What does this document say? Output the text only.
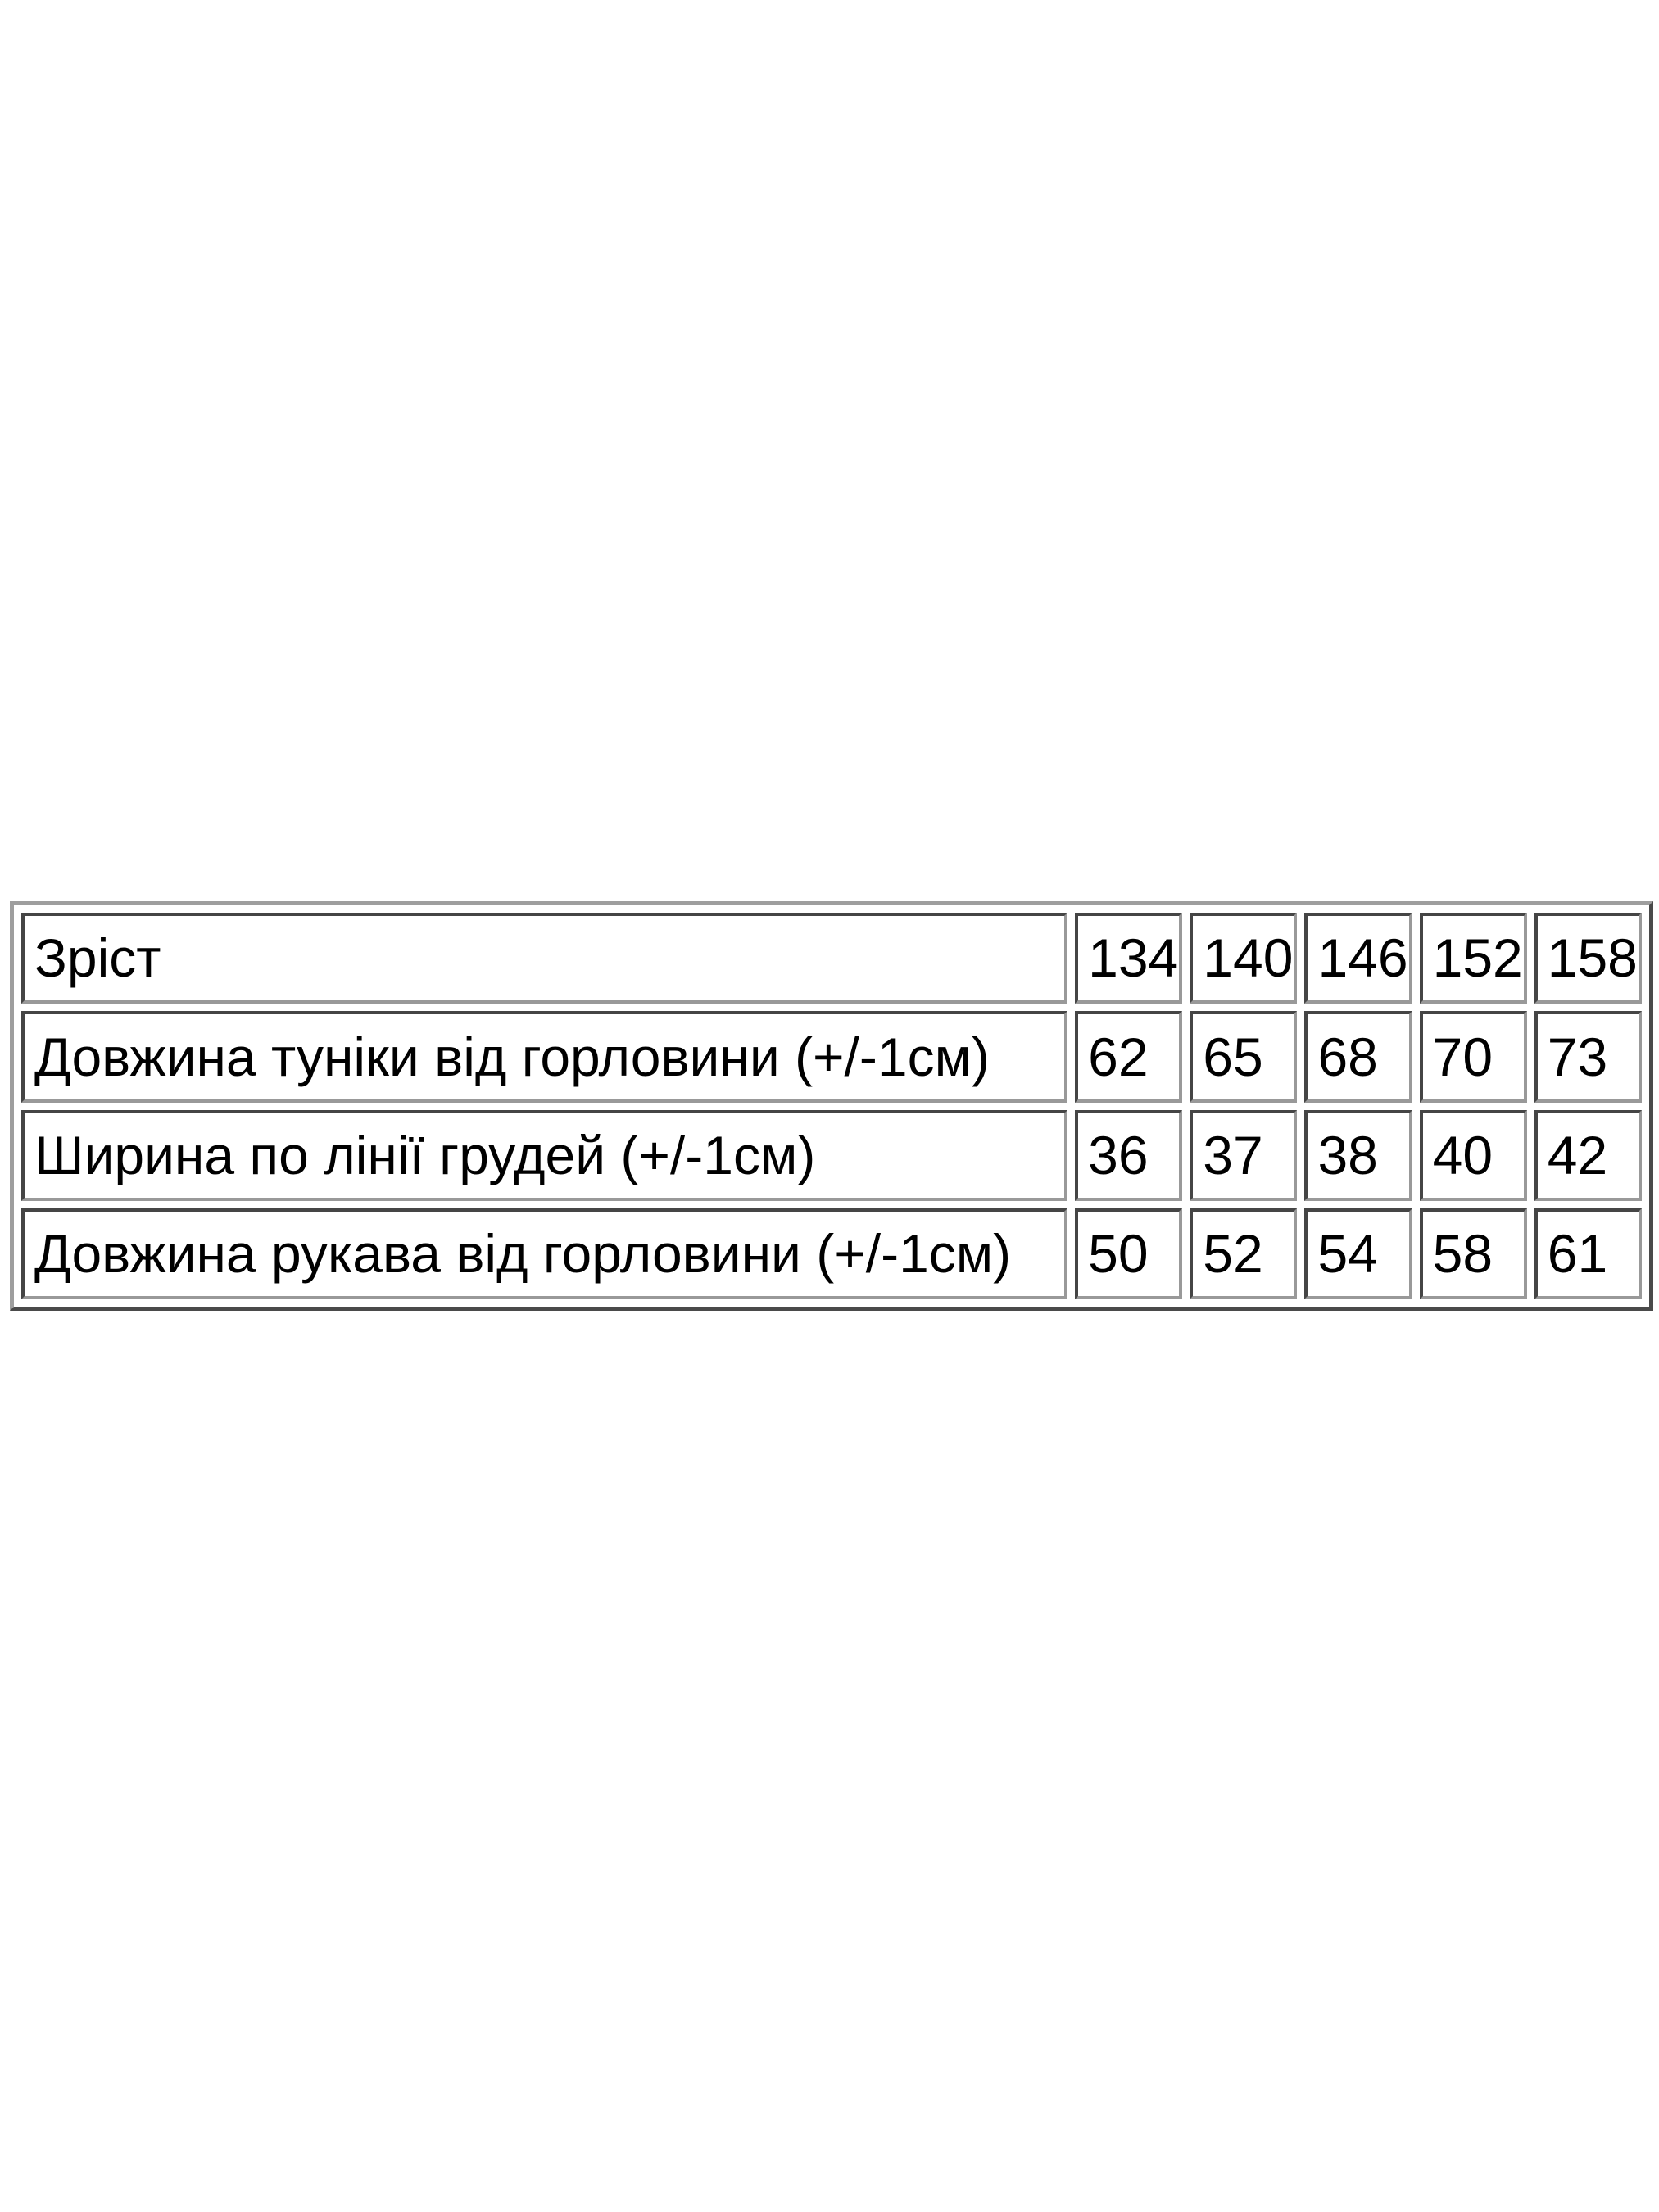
Зріст	134	140	146	152	158
Довжина туніки від горловини (+/-1см)	62	65	68	70	73
Ширина по лінії грудей (+/-1см)	36	37	38	40	42
Довжина рукава від горловини (+/-1см)	50	52	54	58	61
